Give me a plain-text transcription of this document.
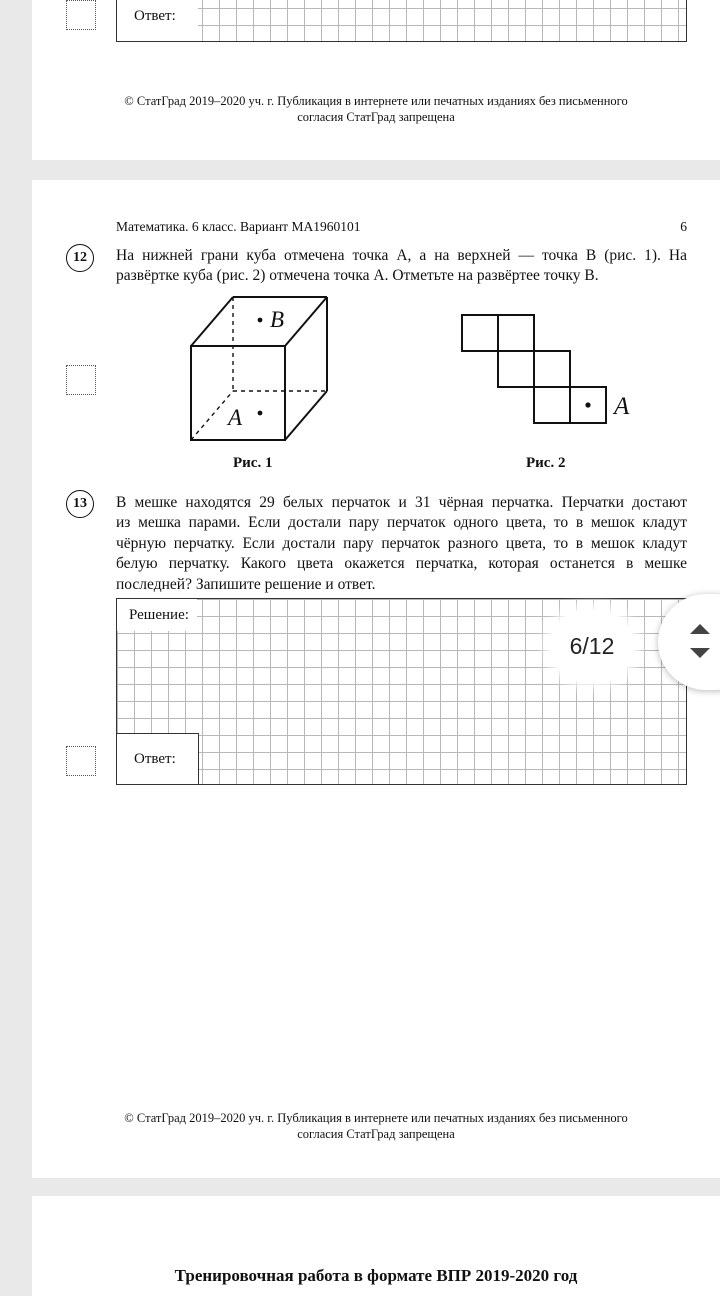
Ответ:
© СтатГрад 2019–2020 уч. г. Публикация в интернете или печатных изданиях без письменного
согласия СтатГрад запрещена
Математика. 6 класс. Вариант МА1960101	6
12	На нижней грани куба отмечена точка А, а на верхней — точка В (рис. 1). На
развёртке куба (рис. 2) отмечена точка А. Отметьте на развёртее точку В.
B
A
Рис. 1
A
Рис. 2
13	В мешке находятся 29 белых перчаток и 31 чёрная перчатка. Перчатки достают
из мешка парами. Если достали пару перчаток одного цвета, то в мешок кладут
чёрную перчатку. Если достали пару перчаток разного цвета, то в мешок кладут
белую перчатку. Какого цвета окажется перчатка, которая останется в мешке
последней? Запишите решение и ответ.
Решение:
Ответ:
© СтатГрад 2019–2020 уч. г. Публикация в интернете или печатных изданиях без письменного
согласия СтатГрад запрещена
Тренировочная работа в формате ВПР 2019-2020 год
6/12
